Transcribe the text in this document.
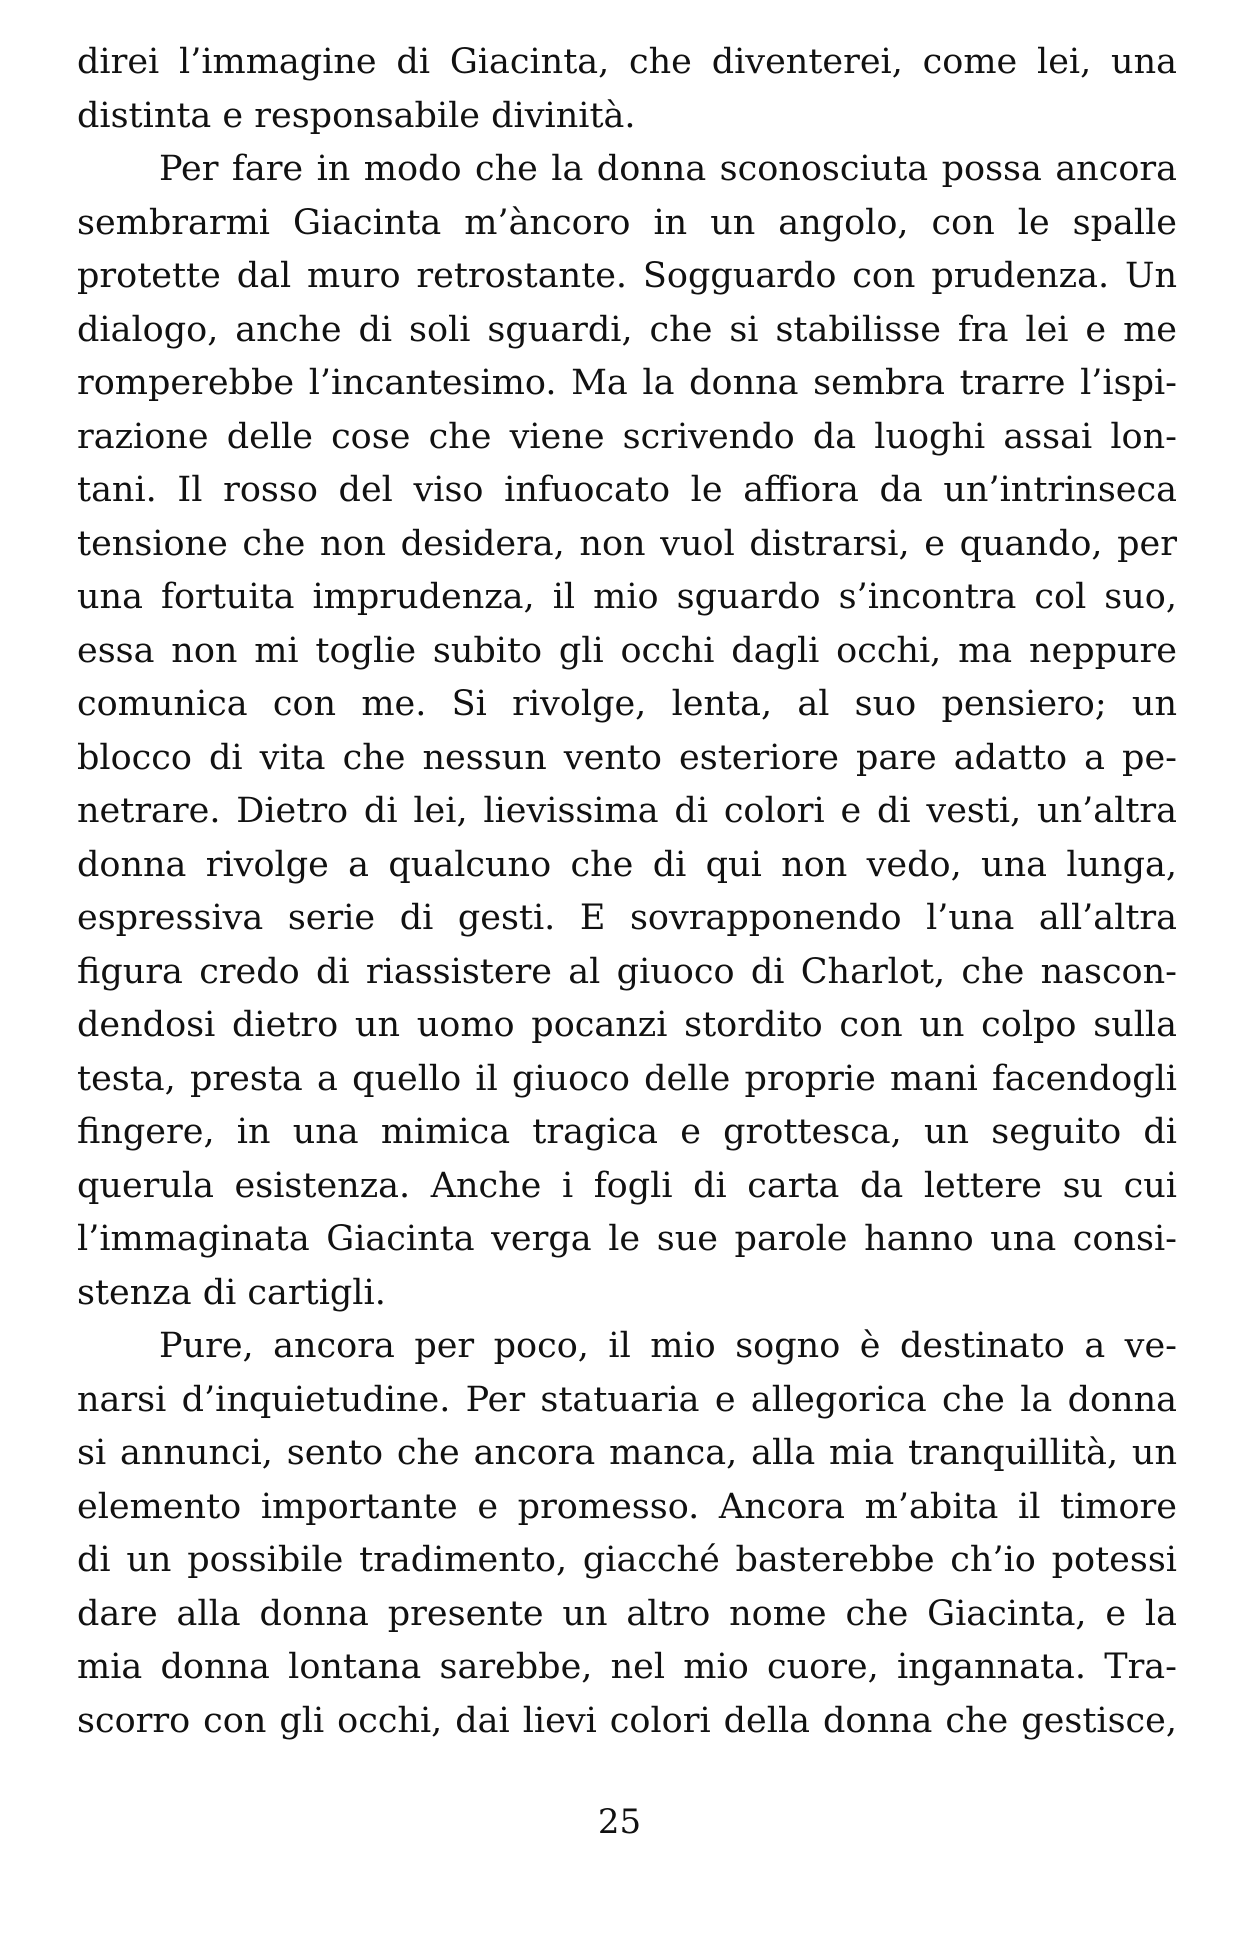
direi l’immagine di Giacinta, che diventerei, come lei, una
distinta e responsabile divinità.
Per fare in modo che la donna sconosciuta possa ancora
sembrarmi Giacinta m’àncoro in un angolo, con le spalle
protette dal muro retrostante. Sogguardo con prudenza. Un
dialogo, anche di soli sguardi, che si stabilisse fra lei e me
romperebbe l’incantesimo. Ma la donna sembra trarre l’ispi-
razione delle cose che viene scrivendo da luoghi assai lon-
tani. Il rosso del viso infuocato le affiora da un’intrinseca
tensione che non desidera, non vuol distrarsi, e quando, per
una fortuita imprudenza, il mio sguardo s’incontra col suo,
essa non mi toglie subito gli occhi dagli occhi, ma neppure
comunica con me. Si rivolge, lenta, al suo pensiero; un
blocco di vita che nessun vento esteriore pare adatto a pe-
netrare. Dietro di lei, lievissima di colori e di vesti, un’altra
donna rivolge a qualcuno che di qui non vedo, una lunga,
espressiva serie di gesti. E sovrapponendo l’una all’altra
figura credo di riassistere al giuoco di Charlot, che nascon-
dendosi dietro un uomo pocanzi stordito con un colpo sulla
testa, presta a quello il giuoco delle proprie mani facendogli
fingere, in una mimica tragica e grottesca, un seguito di
querula esistenza. Anche i fogli di carta da lettere su cui
l’immaginata Giacinta verga le sue parole hanno una consi-
stenza di cartigli.
Pure, ancora per poco, il mio sogno è destinato a ve-
narsi d’inquietudine. Per statuaria e allegorica che la donna
si annunci, sento che ancora manca, alla mia tranquillità, un
elemento importante e promesso. Ancora m’abita il timore
di un possibile tradimento, giacché basterebbe ch’io potessi
dare alla donna presente un altro nome che Giacinta, e la
mia donna lontana sarebbe, nel mio cuore, ingannata. Tra-
scorro con gli occhi, dai lievi colori della donna che gestisce,
25
